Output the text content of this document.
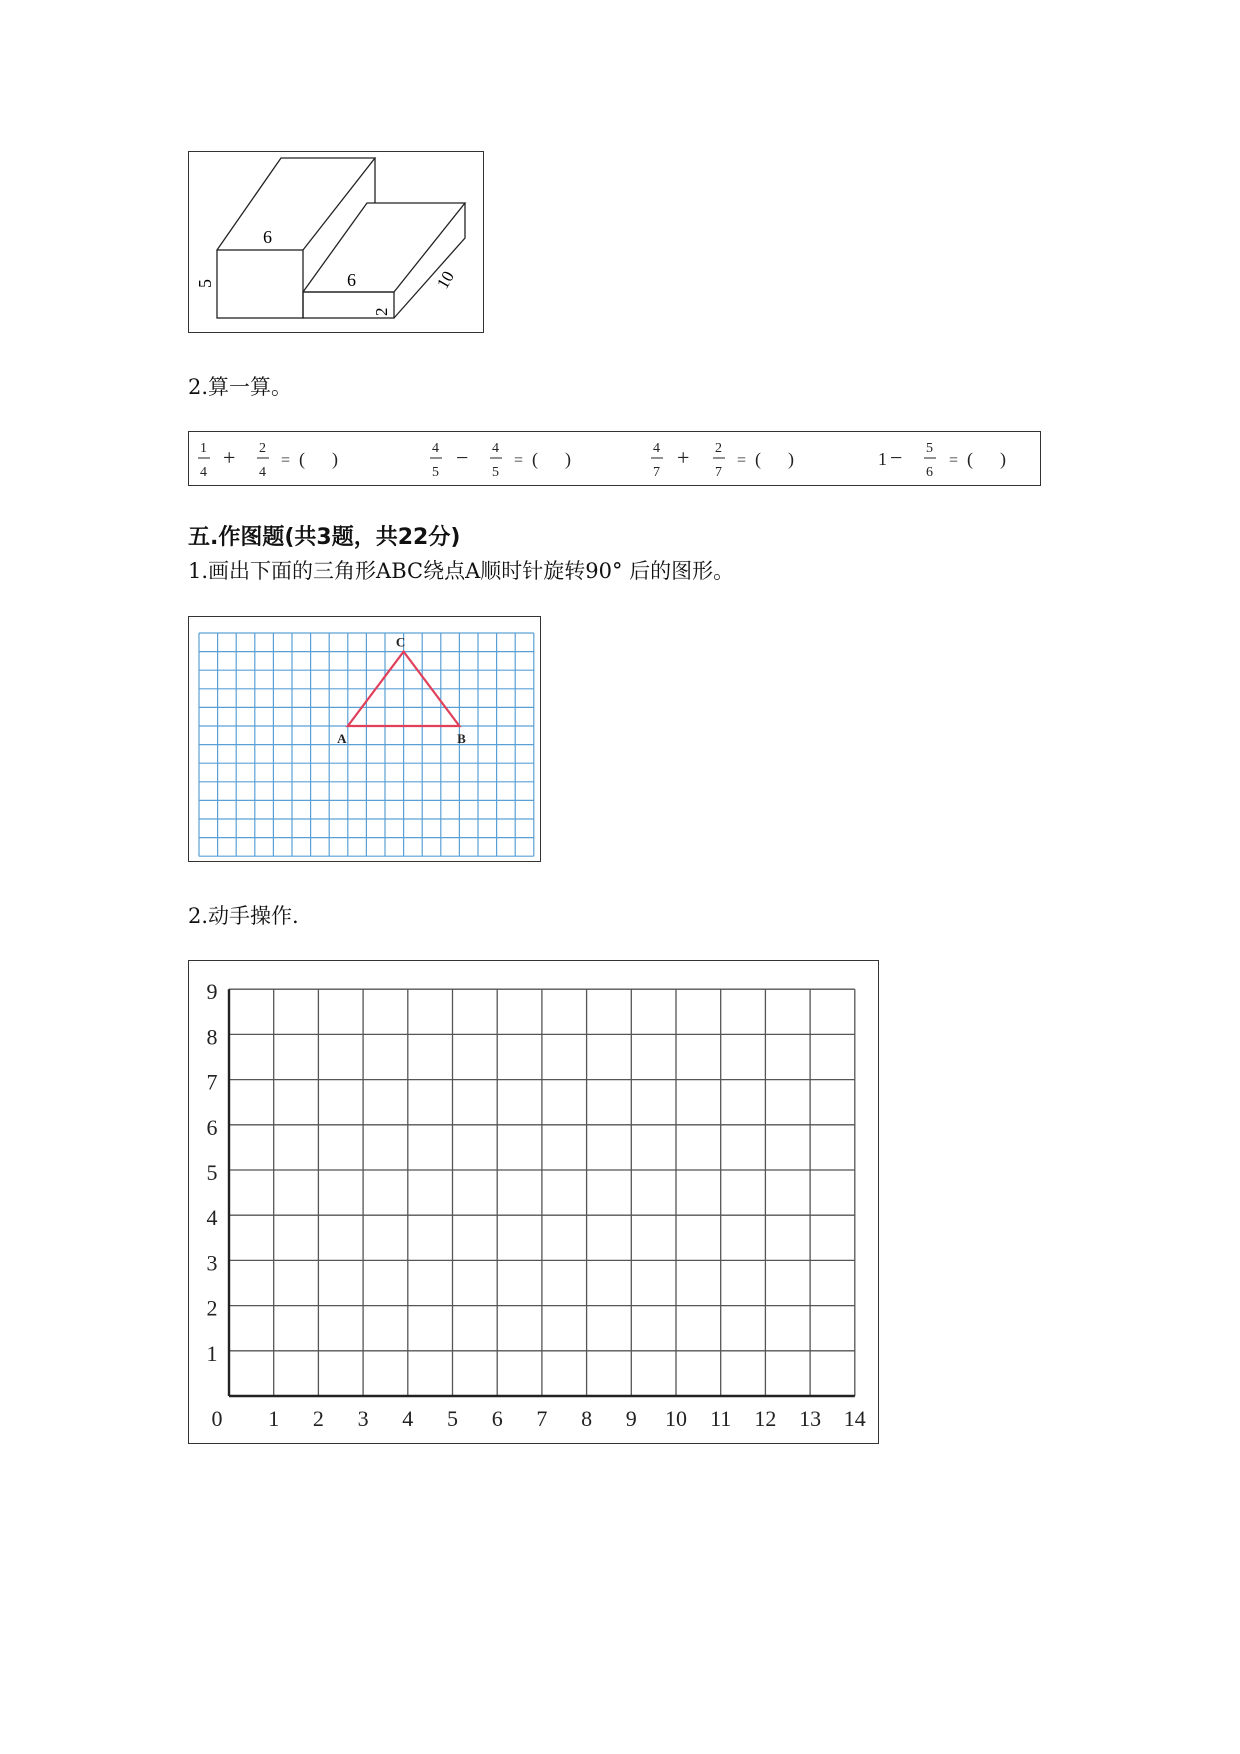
6
5	6
2
10
2.算一算。
1
4
+ 2
4
= (      )
4
5
− 4
5
= (      )
4
7
+ 2
7
= (      )	1 − 5
6
= (      )
五.作图题(共3题，共22分)
1.画出下面的三角形ABC绕点A顺时针旋转90° 后的图形。
A	B
C
2.动手操作.
0 1 2 3 4 5 6 7 8 9 10 11 12 13 14
1
2
3
4
5
6
7
8
9
